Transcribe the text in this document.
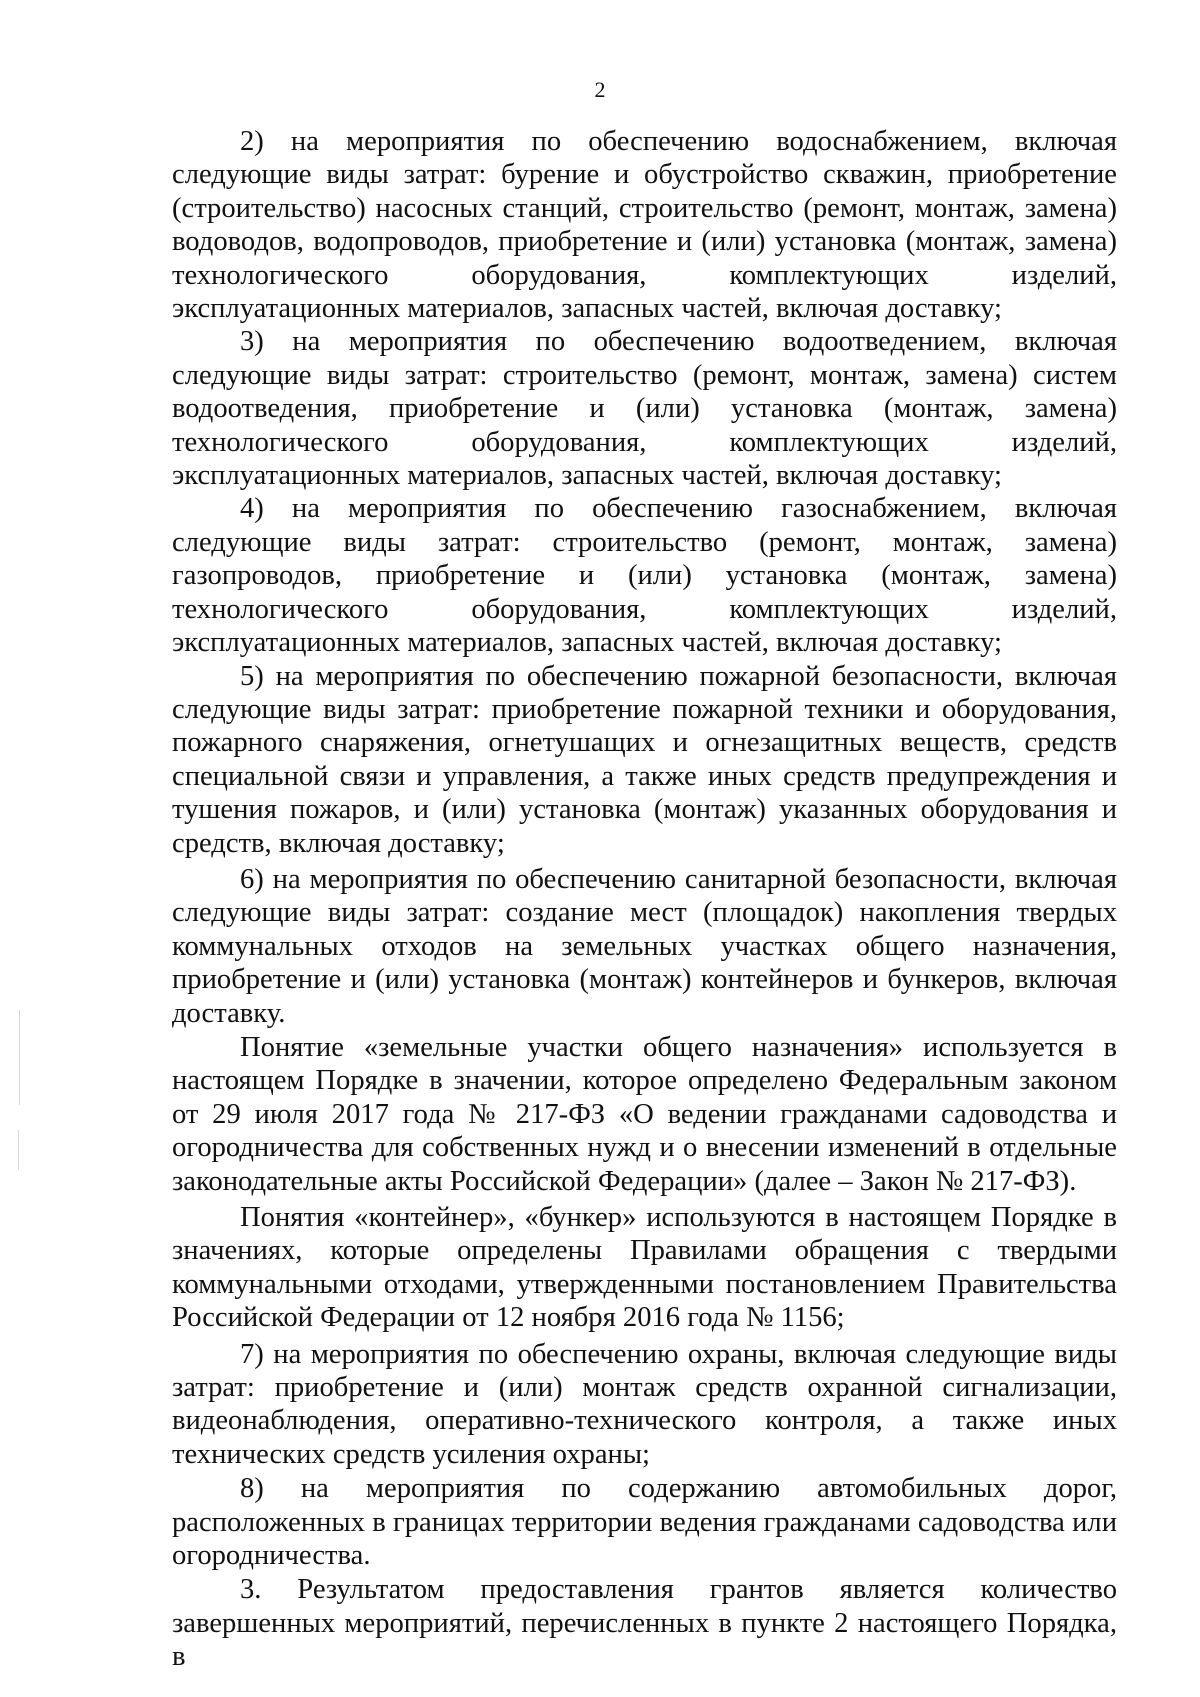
2

2) на мероприятия по обеспечению водоснабжением, включая следующие виды затрат: бурение и обустройство скважин, приобретение (строительство) насосных станций, строительство (ремонт, монтаж, замена) водоводов, водопроводов, приобретение и (или) установка (монтаж, замена) технологического оборудования, комплектующих изделий, эксплуатационных материалов, запасных частей, включая доставку;

3) на мероприятия по обеспечению водоотведением, включая следующие виды затрат: строительство (ремонт, монтаж, замена) систем водоотведения, приобретение и (или) установка (монтаж, замена) технологического оборудования, комплектующих изделий, эксплуатационных материалов, запасных частей, включая доставку;

4) на мероприятия по обеспечению газоснабжением, включая следующие виды затрат: строительство (ремонт, монтаж, замена) газопроводов, приобретение и (или) установка (монтаж, замена) технологического оборудования, комплектующих изделий, эксплуатационных материалов, запасных частей, включая доставку;

5) на мероприятия по обеспечению пожарной безопасности, включая следующие виды затрат: приобретение пожарной техники и оборудования, пожарного снаряжения, огнетушащих и огнезащитных веществ, средств специальной связи и управления, а также иных средств предупреждения и тушения пожаров, и (или) установка (монтаж) указанных оборудования и средств, включая доставку;

6) на мероприятия по обеспечению санитарной безопасности, включая следующие виды затрат: создание мест (площадок) накопления твердых коммунальных отходов на земельных участках общего назначения, приобретение и (или) установка (монтаж) контейнеров и бункеров, включая доставку.

Понятие «земельные участки общего назначения» используется в настоящем Порядке в значении, которое определено Федеральным законом от 29 июля 2017 года № 217-ФЗ «О ведении гражданами садоводства и огородничества для собственных нужд и о внесении изменений в отдельные законодательные акты Российской Федерации» (далее – Закон № 217-ФЗ).

Понятия «контейнер», «бункер» используются в настоящем Порядке в значениях, которые определены Правилами обращения с твердыми коммунальными отходами, утвержденными постановлением Правительства Российской Федерации от 12 ноября 2016 года № 1156;

7) на мероприятия по обеспечению охраны, включая следующие виды затрат: приобретение и (или) монтаж средств охранной сигнализации, видеонаблюдения, оперативно-технического контроля, а также иных технических средств усиления охраны;

8) на мероприятия по содержанию автомобильных дорог, расположенных в границах территории ведения гражданами садоводства или огородничества.

3. Результатом предоставления грантов является количество завершенных мероприятий, перечисленных в пункте 2 настоящего Порядка, в
